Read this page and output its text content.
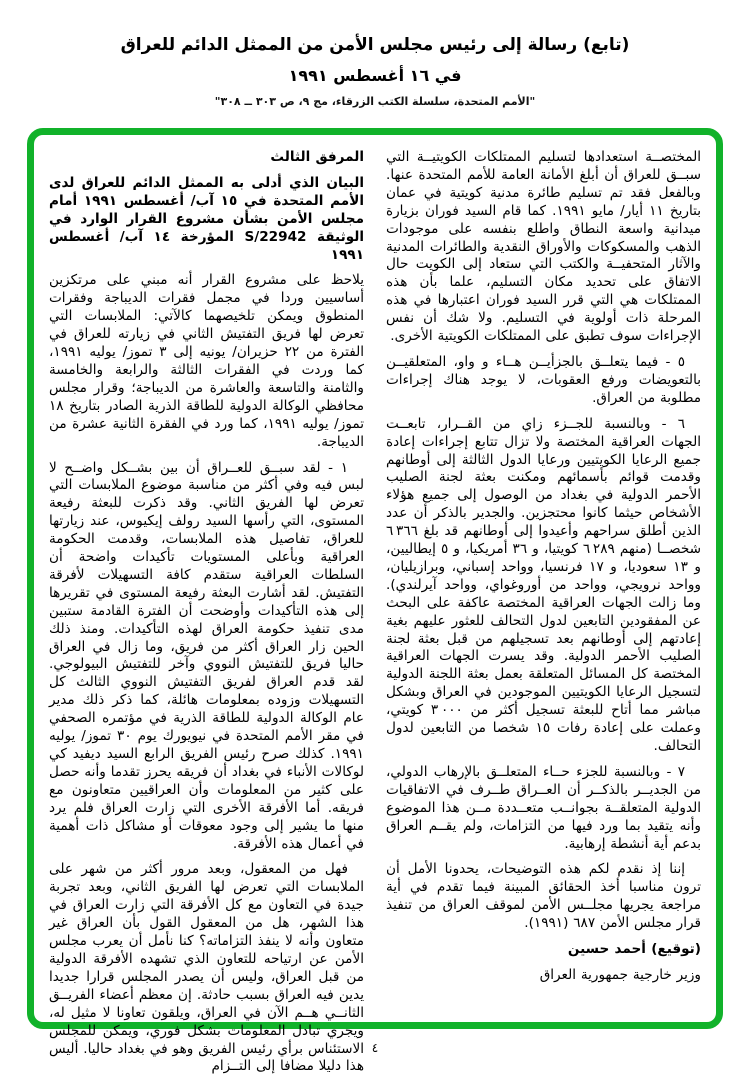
(تابع) رسالة إلى رئيس مجلس الأمن من الممثل الدائم للعراق
في ١٦ أغسطس ١٩٩١
"الأمم المتحدة، سلسلة الكتب الزرقاء، مج ٩، ص ٣٠٣ ــ ٣٠٨"

المختصــة استعدادها لتسليم الممتلكات الكويتيــة التي سبــق للعراق أن أبلغ الأمانة العامة للأمم المتحدة عنها. وبالفعل فقد تم تسليم طائرة مدنية كويتية في عمان بتاريخ ١١ أيار/ مايو ١٩٩١. كما قام السيد فوران بزيارة ميدانية واسعة النطاق واطلع بنفسه على موجودات الذهب والمسكوكات والأوراق النقدية والطائرات المدنية والآثار المتحفيــة والكتب التي ستعاد إلى الكويت حال الاتفاق على تحديد مكان التسليم، علما بأن هذه الممتلكات هي التي قرر السيد فوران اعتبارها في هذه المرحلة ذات أولوية في التسليم. ولا شك أن نفس الإجراءات سوف تطبق على الممتلكات الكويتية الأخرى.

٥ - فيما يتعلــق بالجزأيــن هــاء و واو، المتعلقيــن بالتعويضات ورفع العقوبات، لا يوجد هناك إجراءات مطلوبة من العراق.

٦ - وبالنسبة للجــزء زاي من القــرار، تابعــت الجهات العراقية المختصة ولا تزال تتابع إجراءات إعادة جميع الرعايا الكويتيين ورعايا الدول الثالثة إلى أوطانهم وقدمت قوائم بأسمائهم ومكنت بعثة لجنة الصليب الأحمر الدولية في بغداد من الوصول إلى جميع هؤلاء الأشخاص حيثما كانوا محتجزين. والجدير بالذكر أن عدد الذين أطلق سراحهم وأعيدوا إلى أوطانهم قد بلغ ٦ ٣٦٦ شخصــا (منهم ٦ ٢٨٩ كويتيا، و ٣٦ أمريكيا، و ٥ إيطاليين، و ١٣ سعوديا، و ١٧ فرنسيا، وواحد إسباني، وبرازيليان، وواحد نرويجي، وواحد من أوروغواي، وواحد آيرلندي). وما زالت الجهات العراقية المختصة عاكفة على البحث عن المفقودين التابعين لدول التحالف للعثور عليهم بغية إعادتهم إلى أوطانهم بعد تسجيلهم من قبل بعثة لجنة الصليب الأحمر الدولية. وقد يسرت الجهات العراقية المختصة كل المسائل المتعلقة بعمل بعثة اللجنة الدولية لتسجيل الرعايا الكويتيين الموجودين في العراق وبشكل مباشر مما أتاح للبعثة تسجيل أكثر من ٣ ٠٠٠ كويتي، وعملت على إعادة رفات ١٥ شخصا من التابعين لدول التحالف.

٧ - وبالنسبة للجزء حــاء المتعلــق بالإرهاب الدولي، من الجديــر بالذكــر أن العــراق طــرف في الاتفاقيات الدولية المتعلقــة بجوانــب متعــددة مــن هذا الموضوع وأنه يتقيد بما ورد فيها من التزامات، ولم يقــم العراق بدعم أية أنشطة إرهابية.

إننا إذ نقدم لكم هذه التوضيحات، يحدونا الأمل أن ترون مناسبا أخذ الحقائق المبينة فيما تقدم في أية مراجعة يجريها مجلــس الأمن لموقف العراق من تنفيذ قرار مجلس الأمن ٦٨٧ (١٩٩١).

(توقيع) أحمد حسين

وزير خارجية جمهورية العراق

المرفق الثالث

البيان الذي أدلى به الممثل الدائم للعراق لدى الأمم المتحدة في ١٥ آب/ أغسطس ١٩٩١ أمام مجلس الأمن بشأن مشروع القرار الوارد في الوثيقة S/22942 المؤرخة ١٤ آب/ أغسطس ١٩٩١

يلاحظ على مشروع القرار أنه مبني على مرتكزين أساسيين وردا في مجمل فقرات الديباجة وفقرات المنطوق ويمكن تلخيصهما كالآتي: الملابسات التي تعرض لها فريق التفتيش الثاني في زيارته للعراق في الفترة من ٢٢ حزيران/ يونيه إلى ٣ تموز/ يوليه ١٩٩١، كما وردت في الفقرات الثالثة والرابعة والخامسة والثامنة والتاسعة والعاشرة من الديباجة؛ وقرار مجلس محافظي الوكالة الدولية للطاقة الذرية الصادر بتاريخ ١٨ تموز/ يوليه ١٩٩١، كما ورد في الفقرة الثانية عشرة من الديباجة.

١ - لقد سبــق للعــراق أن بين بشــكل واضــح لا لبس فيه وفي أكثر من مناسبة موضوع الملابسات التي تعرض لها الفريق الثاني. وقد ذكرت للبعثة رفيعة المستوى، التي رأسها السيد رولف إيكيوس، عند زيارتها للعراق، تفاصيل هذه الملابسات، وقدمت الحكومة العراقية وبأعلى المستويات تأكيدات واضحة أن السلطات العراقية ستقدم كافة التسهيلات لأفرقة التفتيش. لقد أشارت البعثة رفيعة المستوى في تقريرها إلى هذه التأكيدات وأوضحت أن الفترة القادمة ستبين مدى تنفيذ حكومة العراق لهذه التأكيدات. ومنذ ذلك الحين زار العراق أكثر من فريق، وما زال في العراق حاليا فريق للتفتيش النووي وآخر للتفتيش البيولوجي. لقد قدم العراق لفريق التفتيش النووي الثالث كل التسهيلات وزوده بمعلومات هائلة، كما ذكر ذلك مدير عام الوكالة الدولية للطاقة الذرية في مؤتمره الصحفي في مقر الأمم المتحدة في نيويورك يوم ٣٠ تموز/ يوليه ١٩٩١. كذلك صرح رئيس الفريق الرابع السيد ديفيد كي لوكالات الأنباء في بغداد أن فريقه يحرز تقدما وأنه حصل على كثير من المعلومات وأن العراقيين متعاونون مع فريقه. أما الأفرقة الأخرى التي زارت العراق فلم يرد منها ما يشير إلى وجود معوقات أو مشاكل ذات أهمية في أعمال هذه الأفرقة.

فهل من المعقول، وبعد مرور أكثر من شهر على الملابسات التي تعرض لها الفريق الثاني، وبعد تجربة جيدة في التعاون مع كل الأفرقة التي زارت العراق في هذا الشهر، هل من المعقول القول بأن العراق غير متعاون وأنه لا ينفذ التزاماته؟ كنا نأمل أن يعرب مجلس الأمن عن ارتياحه للتعاون الذي تشهده الأفرقة الدولية من قبل العراق، وليس أن يصدر المجلس قرارا جديدا يدين فيه العراق بسبب حادثة. إن معظم أعضاء الفريــق الثانــي هــم الآن في العراق، ويلقون تعاونا لا مثيل له، ويجري تبادل المعلومات بشكل فوري، ويمكن للمجلس الاستئناس برأي رئيس الفريق وهو في بغداد حاليا. أليس هذا دليلا مضافا إلى التــزام

٤
